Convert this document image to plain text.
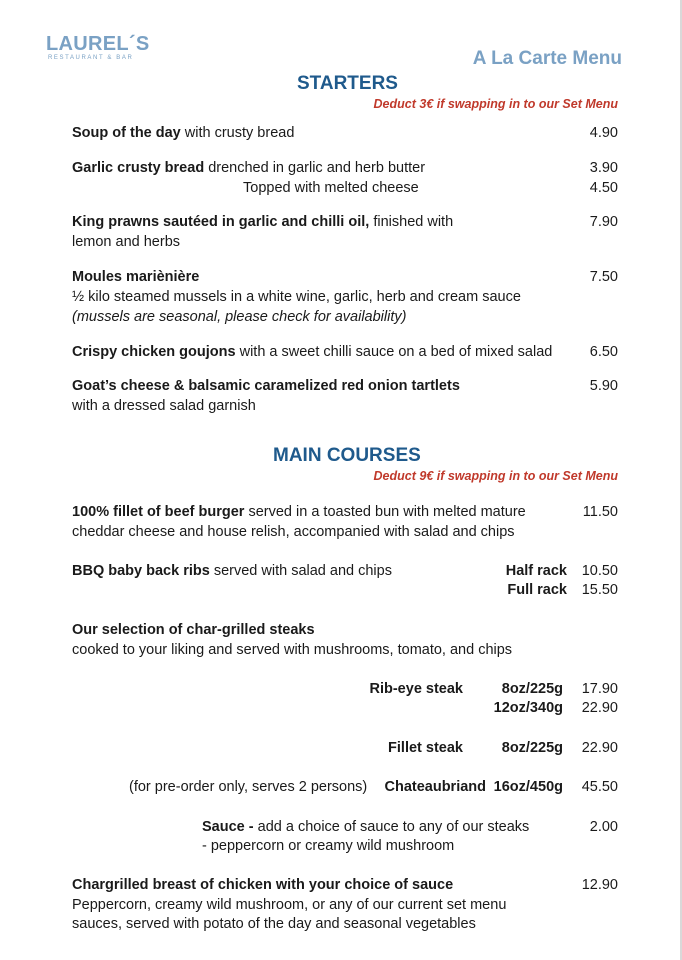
LAUREL´S
RESTAURANT & BAR	A La Carte Menu
STARTERS
Deduct 3€ if swapping in to our Set Menu
Soup of the day with crusty bread	4.90
Garlic crusty bread drenched in garlic and herb butter	3.90
Topped with melted cheese	4.50
King prawns sautéed in garlic and chilli oil, finished with
lemon and herbs
7.90
Moules mariènière	7.50
½ kilo steamed mussels in a white wine, garlic, herb and cream sauce
(mussels are seasonal, please check for availability)
Crispy chicken goujons with a sweet chilli sauce on a bed of mixed salad	6.50
Goat’s cheese & balsamic caramelized red onion tartlets	5.90
with a dressed salad garnish
MAIN COURSES
Deduct 9€ if swapping in to our Set Menu
100% fillet of beef burger served in a toasted bun with melted mature
cheddar cheese and house relish, accompanied with salad and chips
11.50
BBQ baby back ribs served with salad and chips	Half rack 10.50
Full rack 15.50
Our selection of char-grilled steaks
cooked to your liking and served with mushrooms, tomato, and chips
Rib-eye steak	8oz/225g 17.90
12oz/340g 22.90
Fillet steak	8oz/225g 22.90
(for pre-order only, serves 2 persons) Chateaubriand 16oz/450g 45.50
Sauce - add a choice of sauce to any of our steaks
- peppercorn or creamy wild mushroom
2.00
Chargrilled breast of chicken with your choice of sauce	12.90
Peppercorn, creamy wild mushroom, or any of our current set menu
sauces, served with potato of the day and seasonal vegetables
